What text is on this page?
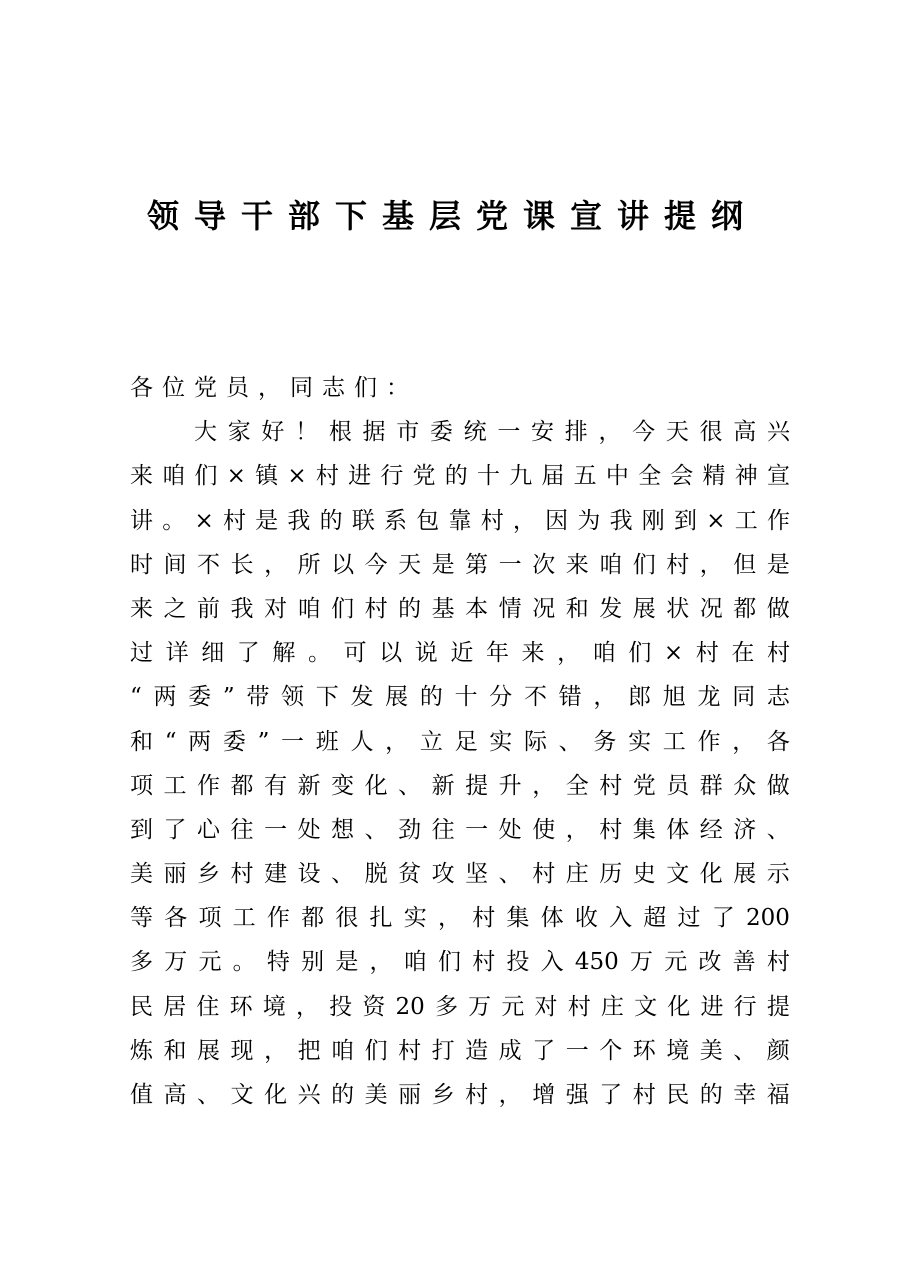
领导干部下基层党课宣讲提纲
各位党员，同志们：
大 家 好 ！ 根 据 市 委 统 一 安 排 ， 今 天 很 高 兴
来 咱 们 × 镇 × 村 进 行 党 的 十 九 届 五 中 全 会 精 神 宣
讲 。 × 村 是 我 的 联 系 包 靠 村 ， 因 为 我 刚 到 × 工 作
时 间 不 长 ， 所 以 今 天 是 第 一 次 来 咱 们 村 ， 但 是
来 之 前 我 对 咱 们 村 的 基 本 情 况 和 发 展 状 况 都 做
过 详 细 了 解 。 可 以 说 近 年 来 ， 咱 们 × 村 在 村
“ 两 委 ” 带 领 下 发 展 的 十 分 不 错 ， 郎 旭 龙 同 志
和 “ 两 委 ” 一 班 人 ， 立 足 实 际 、 务 实 工 作 ， 各
项 工 作 都 有 新 变 化 、 新 提 升 ， 全 村 党 员 群 众 做
到 了 心 往 一 处 想 、 劲 往 一 处 使 ， 村 集 体 经 济 、
美 丽 乡 村 建 设 、 脱 贫 攻 坚 、 村 庄 历 史 文 化 展 示
等 各 项 工 作 都 很 扎 实 ， 村 集 体 收 入 超 过 了 200
多 万 元 。 特 别 是 ， 咱 们 村 投 入 450 万 元 改 善 村
民 居 住 环 境 ， 投 资 20 多 万 元 对 村 庄 文 化 进 行 提
炼 和 展 现 ， 把 咱 们 村 打 造 成 了 一 个 环 境 美 、 颜
值 高 、 文 化 兴 的 美 丽 乡 村 ， 增 强 了 村 民 的 幸 福
